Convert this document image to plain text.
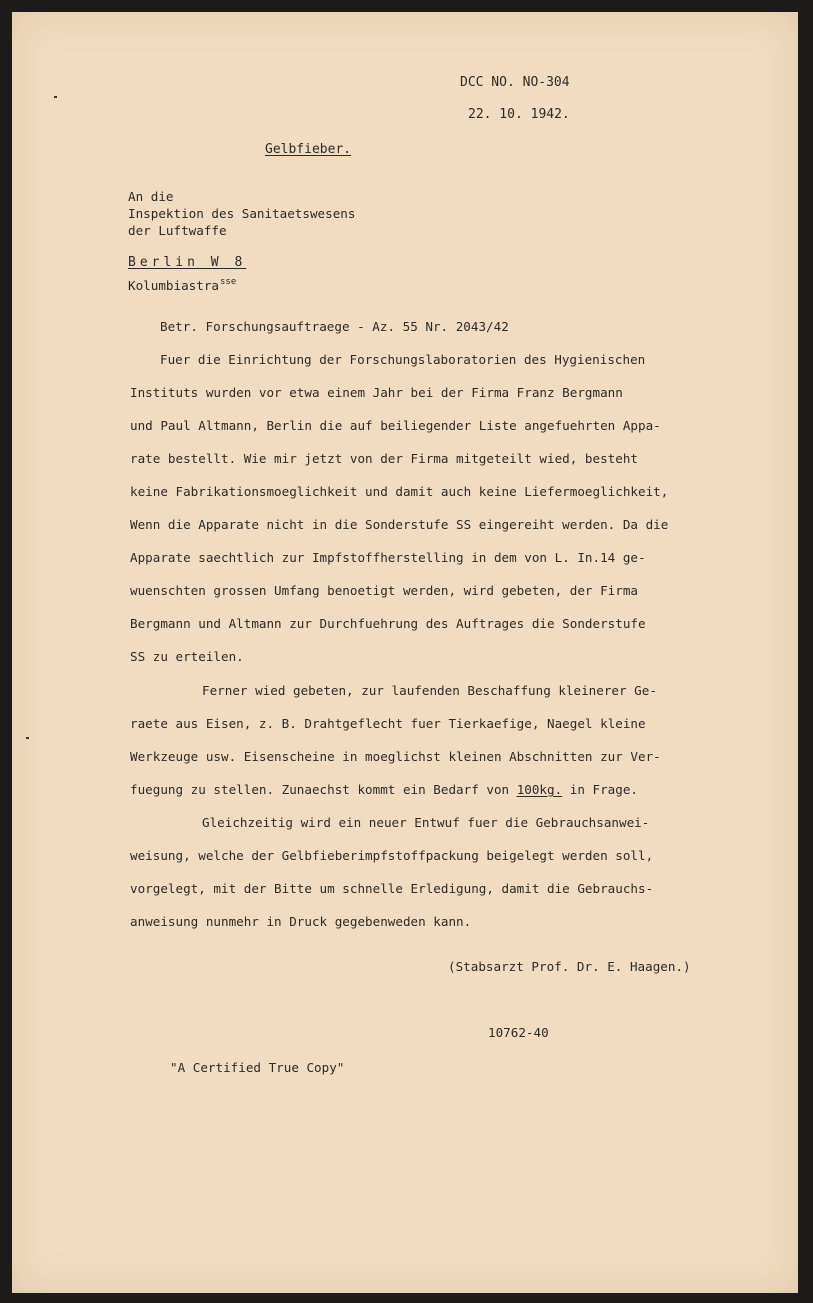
DCC NO. NO-304
22. 10. 1942.
Gelbfieber.
An die
Inspektion des Sanitaetswesens
der Luftwaffe
Berlin W 8
Kolumbiastra$^{sse}$
Betr. Forschungsauftraege - Az. 55 Nr. 2043/42
Fuer die Einrichtung der Forschungslaboratorien des Hygienischen
Instituts wurden vor etwa einem Jahr bei der Firma Franz Bergmann
und Paul Altmann, Berlin die auf beiliegender Liste angefuehrten Appa-
rate bestellt. Wie mir jetzt von der Firma mitgeteilt wied, besteht
keine Fabrikationsmoeglichkeit und damit auch keine Liefermoeglichkeit,
Wenn die Apparate nicht in die Sonderstufe SS eingereiht werden. Da die
Apparate saechtlich zur Impfstoffherstelling in dem von L. In.14 ge-
wuenschten grossen Umfang benoetigt werden, wird gebeten, der Firma
Bergmann und Altmann zur Durchfuehrung des Auftrages die Sonderstufe
SS zu erteilen.
Ferner wied gebeten, zur laufenden Beschaffung kleinerer Ge-
raete aus Eisen, z. B. Drahtgeflecht fuer Tierkaefige, Naegel kleine
Werkzeuge usw. Eisenscheine in moeglichst kleinen Abschnitten zur Ver-
fuegung zu stellen. Zunaechst kommt ein Bedarf von 100kg. in Frage.
Gleichzeitig wird ein neuer Entwuf fuer die Gebrauchsanwei-
weisung, welche der Gelbfieberimpfstoffpackung beigelegt werden soll,
vorgelegt, mit der Bitte um schnelle Erledigung, damit die Gebrauchs-
anweisung nunmehr in Druck gegebenweden kann.
(Stabsarzt Prof. Dr. E. Haagen.)
10762-40
"A Certified True Copy"
